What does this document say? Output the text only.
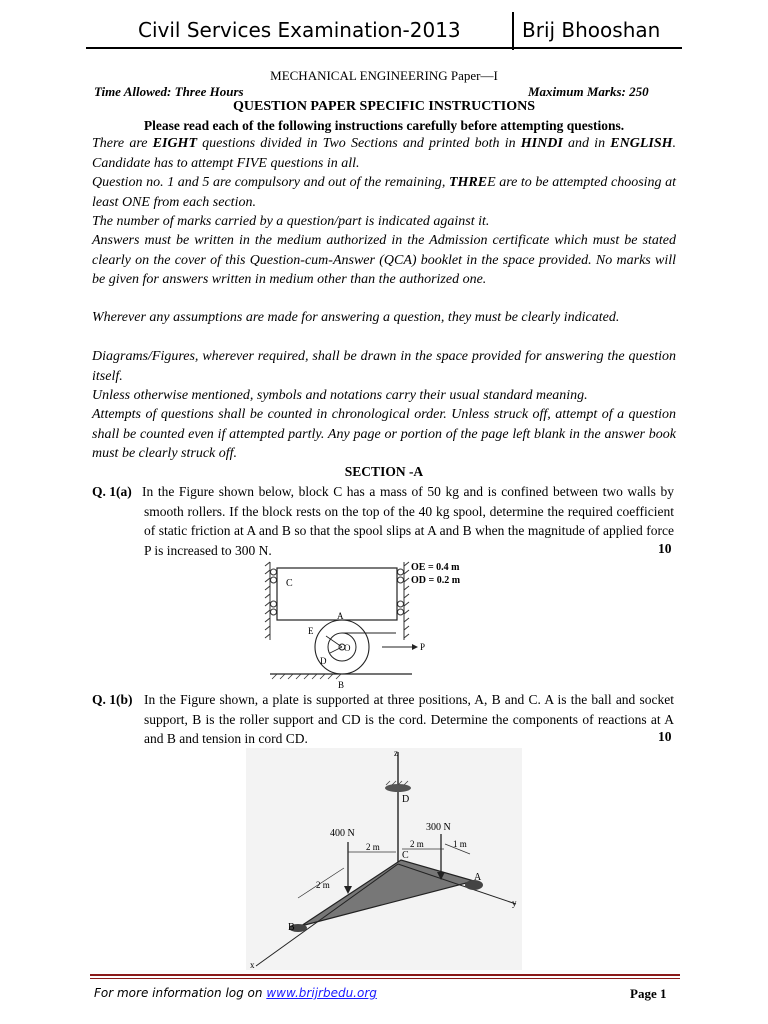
Civil Services Examination-2013	Brij Bhooshan
MECHANICAL ENGINEERING Paper—I
Time Allowed: Three Hours	Maximum Marks: 250
QUESTION PAPER SPECIFIC INSTRUCTIONS
Please read each of the following instructions carefully before attempting questions.
There are EIGHT questions divided in Two Sections and printed both in HINDI and in ENGLISH. Candidate has to attempt FIVE questions in all.
Question no. 1 and 5 are compulsory and out of the remaining, THREE are to be attempted choosing at least ONE from each section.
The number of marks carried by a question/part is indicated against it.
Answers must be written in the medium authorized in the Admission certificate which must be stated clearly on the cover of this Question-cum-Answer (QCA) booklet in the space provided. No marks will be given for answers written in medium other than the authorized one.
Wherever any assumptions are made for answering a question, they must be clearly indicated.
Diagrams/Figures, wherever required, shall be drawn in the space provided for answering the question itself.
Unless otherwise mentioned, symbols and notations carry their usual standard meaning.
Attempts of questions shall be counted in chronological order. Unless struck off, attempt of a question shall be counted even if attempted partly. Any page or portion of the page left blank in the answer book must be clearly struck off.
SECTION -A
Q. 1(a) In the Figure shown below, block C has a mass of 50 kg and is confined between two walls by smooth rollers. If the block rests on the top of the 40 kg spool, determine the required coefficient of static friction at A and B so that the spool slips at A and B when the magnitude of applied force P is increased to 300 N.	10
C
P
A
E
O
D
B
OE = 0.4 m
OD = 0.2 m
Q. 1(b) In the Figure shown, a plate is supported at three positions, A, B and C. A is the ball and socket support, B is the roller support and CD is the cord. Determine the components of reactions at A and B and tension in cord CD.	10
z
D
y
x
B
A
C
400 N
300 N
2 m	2 m	1 m
2 m
For more information log on www.brijrbedu.org	Page 1
